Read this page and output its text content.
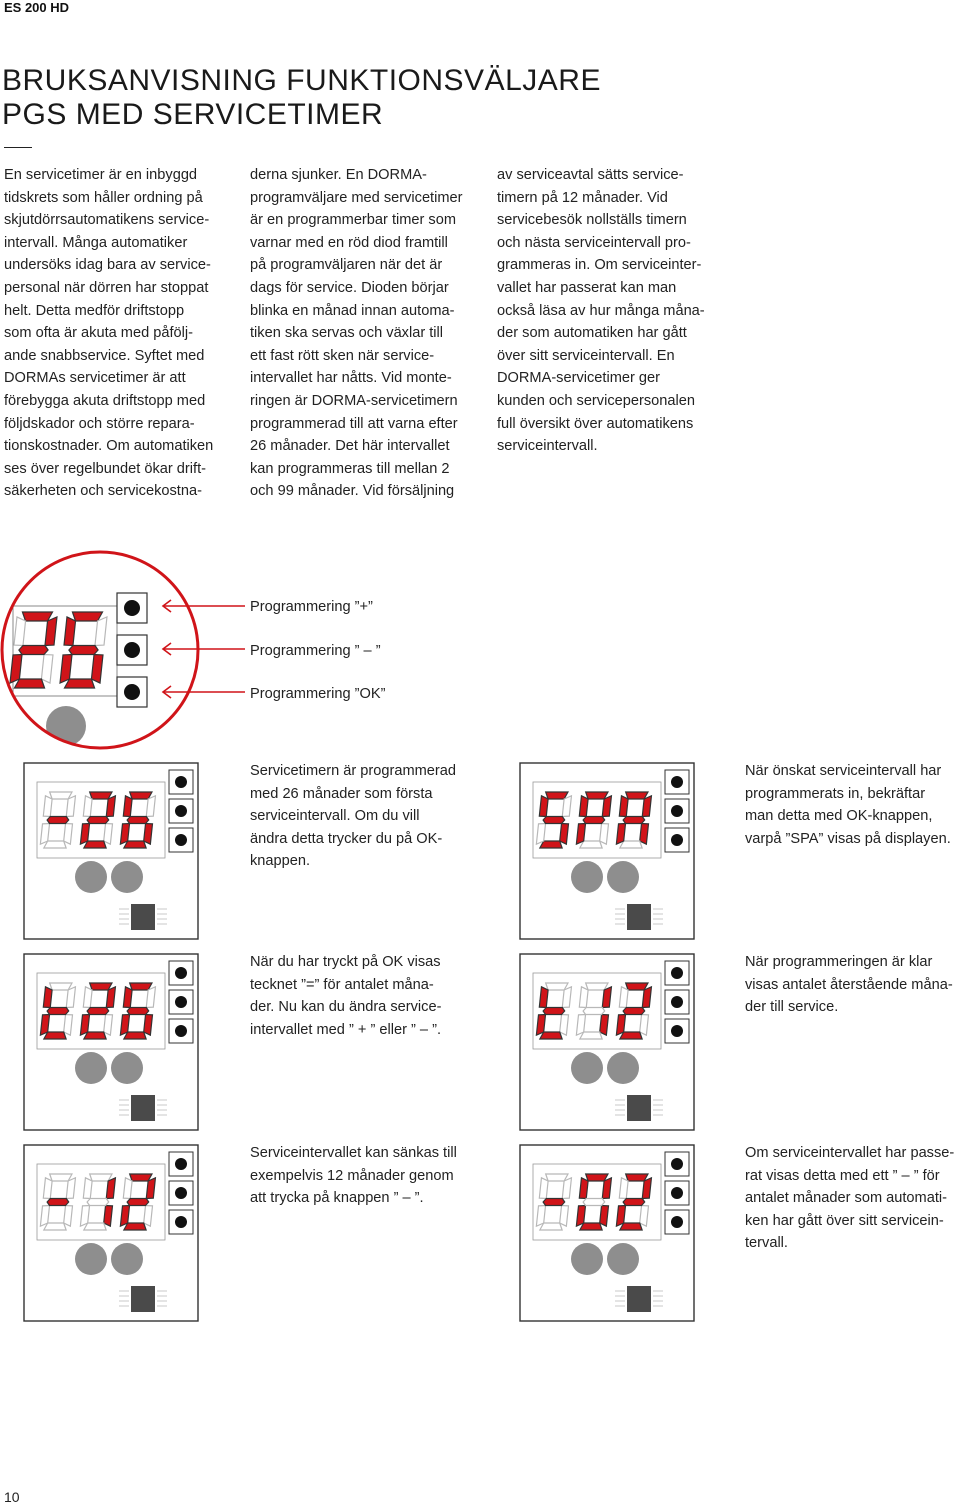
ES 200 HD
BRUKSANVISNING FUNKTIONSVÄLJARE
PGS MED SERVICETIMER
En servicetimer är en inbyggd
tidskrets som håller ordning på
skjutdörrsautomatikens service-
intervall. Många automatiker
undersöks idag bara av service-
personal när dörren har stoppat
helt. Detta medför driftstopp
som ofta är akuta med påfölj-
ande snabbservice. Syftet med
DORMAs servicetimer är att
förebygga akuta driftstopp med
följdskador och större repara-
tionskostnader. Om automatiken
ses över regelbundet ökar drift-
säkerheten och servicekostna-
derna sjunker. En DORMA-
programväljare med servicetimer
är en programmerbar timer som
varnar med en röd diod framtill
på programväljaren när det är
dags för service. Dioden börjar
blinka en månad innan automa-
tiken ska servas och växlar till
ett fast rött sken när service-
intervallet har nåtts. Vid monte-
ringen är DORMA-servicetimern
programmerad till att varna efter
26 månader. Det här intervallet
kan programmeras till mellan 2
och 99 månader. Vid försäljning
av serviceavtal sätts service-
timern på 12 månader. Vid
servicebesök nollställs timern
och nästa serviceintervall pro-
grammeras in. Om serviceinter-
vallet har passerat kan man
också läsa av hur många måna-
der som automatiken har gått
över sitt serviceintervall. En
DORMA-servicetimer ger
kunden och servicepersonalen
full översikt över automatikens
serviceintervall.
Programmering ”+”
Programmering ” – ”
Programmering ”OK”
Servicetimern är programmerad
med 26 månader som första
serviceintervall. Om du vill
ändra detta trycker du på OK-
knappen.
När önskat serviceintervall har
programmerats in, bekräftar
man detta med OK-knappen,
varpå ”SPA” visas på displayen.
När du har tryckt på OK visas
tecknet ”=” för antalet måna-
der. Nu kan du ändra service-
intervallet med ” + ” eller ” – ”.
När programmeringen är klar
visas antalet återstående måna-
der till service.
Serviceintervallet kan sänkas till
exempelvis 12 månader genom
att trycka på knappen ” – ”.
Om serviceintervallet har passe-
rat visas detta med ett ” – ” för
antalet månader som automati-
ken har gått över sitt servicein-
tervall.
10
